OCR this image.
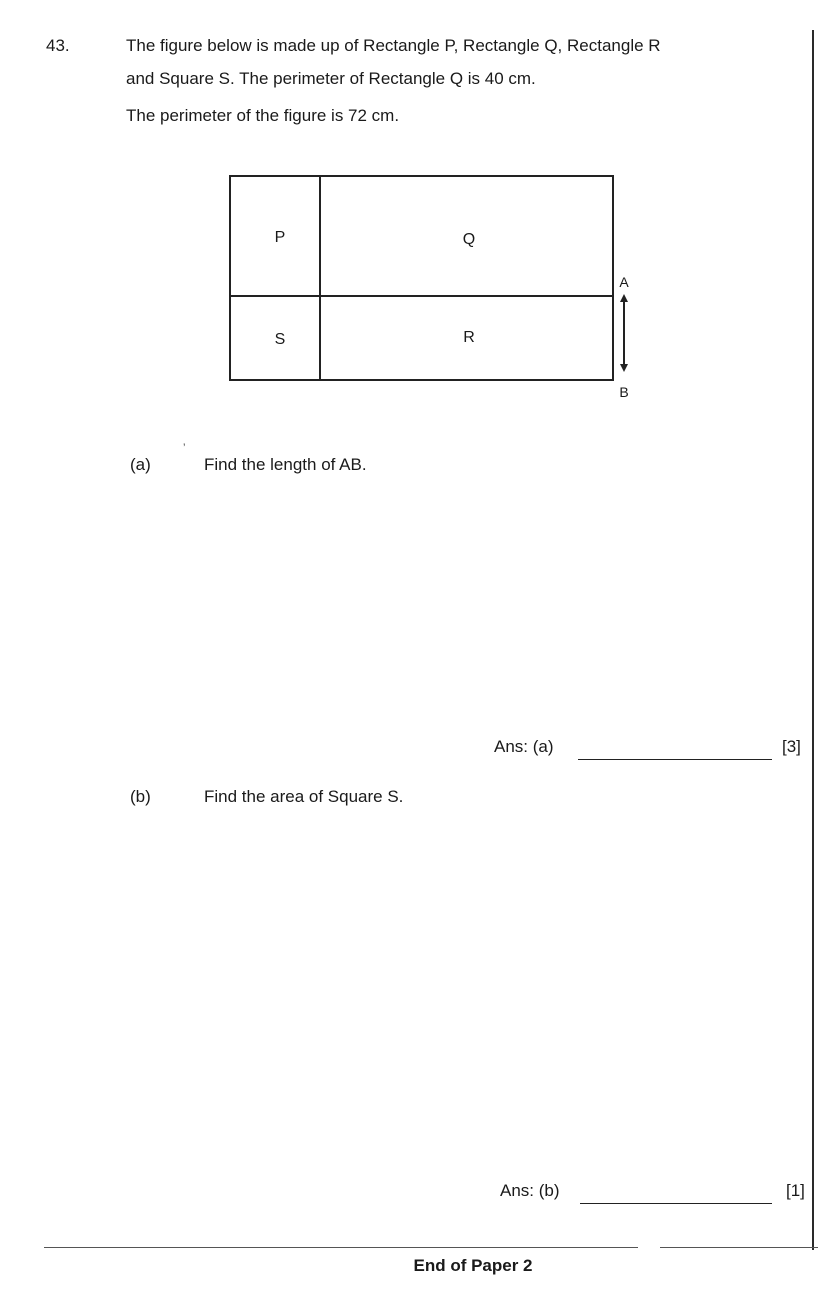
43.	The figure below is made up of Rectangle P, Rectangle Q, Rectangle R
and Square S. The perimeter of Rectangle Q is 40 cm.
The perimeter of the figure is 72 cm.
P	Q
S	R
A
B
’
(a)	Find the length of AB.
Ans: (a)	[3]
(b)	Find the area of Square S.
Ans: (b)	[1]
End of Paper 2
